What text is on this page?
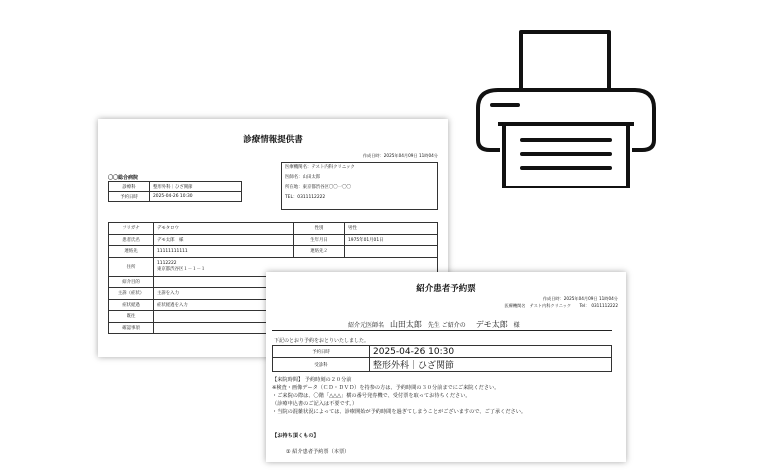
診療情報提供書
作成日時：2025年04月09日 11時04分
〇〇総合病院
診療科	整形外科｜ひざ関節
予約日時	2025-04-26 10:30
医療機関名：テスト内科クリニック
医師名：山田太郎
所在地：東京都渋谷区〇〇一〇〇
TEL：0311112222
フリガナ	デモタロウ	性別	男性
患者氏名	デモ太郎　様	生年月日	1975年01月01日
連絡先	11111111111	連絡先２	
住所	1112222
東京都渋谷区１－１－１		

紹介目的			
主訴（症状）	主訴を入力		
症状経過	症状経過を入力		
既往			
確認事項			
紹介患者予約票
作成日時：2025年04月09日 11時04分
医療機関名　テスト内科クリニック　　Tel：　0311112222
紹介元医師名 山田太郎 先生 ご紹介の デモ太郎 様
下記のとおり予約をおとりいたしました。
予約日時	2025-04-26 10:30
受診科	整形外科｜ひざ関節
【来院時間】 予約時刻の２０分前
※検査・画像データ（ＣＤ・ＤＶＤ）を持参の方は、予約時間の３０分前までにご来院ください。
・ご来院の際は、〇階「△△△」横の番号発券機で、受付票を取ってお待ちください。
（診療申込書のご記入は不要です。）
・当院の混雑状況によっては、診療開始が予約時間を過ぎてしまうことがございますので、ご了承ください。
【お持ち頂くもの】
① 紹介患者予約票（本票）
